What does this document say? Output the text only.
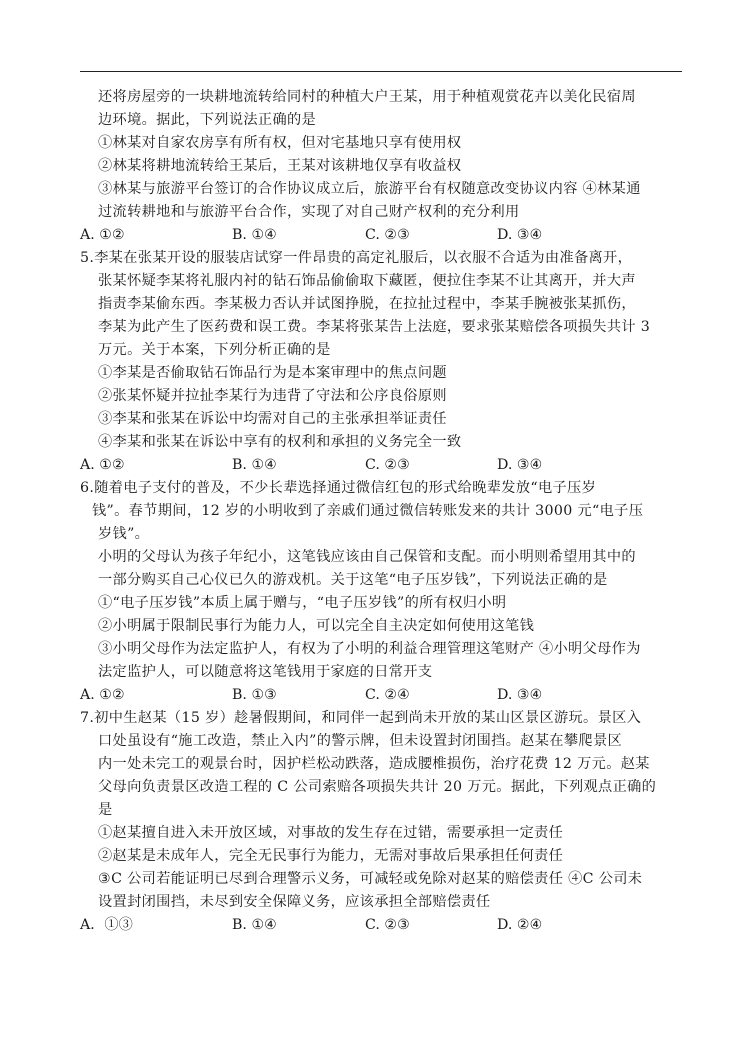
还将房屋旁的一块耕地流转给同村的种植大户王某，用于种植观赏花卉以美化民宿周
边环境。据此，下列说法正确的是
①林某对自家农房享有所有权，但对宅基地只享有使用权
②林某将耕地流转给王某后，王某对该耕地仅享有收益权
③林某与旅游平台签订的合作协议成立后，旅游平台有权随意改变协议内容 ④林某通
过流转耕地和与旅游平台合作，实现了对自己财产权利的充分利用
A. ①②	B. ①④	C. ②③	D. ③④
5.李某在张某开设的服装店试穿一件昂贵的高定礼服后，以衣服不合适为由准备离开，
张某怀疑李某将礼服内衬的钻石饰品偷偷取下藏匿，便拉住李某不让其离开，并大声
指责李某偷东西。李某极力否认并试图挣脱，在拉扯过程中，李某手腕被张某抓伤，
李某为此产生了医药费和误工费。李某将张某告上法庭，要求张某赔偿各项损失共计 3
万元。关于本案，下列分析正确的是
①李某是否偷取钻石饰品行为是本案审理中的焦点问题
②张某怀疑并拉扯李某行为违背了守法和公序良俗原则
③李某和张某在诉讼中均需对自己的主张承担举证责任
④李某和张某在诉讼中享有的权利和承担的义务完全一致
A. ①②	B. ①④	C. ②③	D. ③④
6.随着电子支付的普及，不少长辈选择通过微信红包的形式给晚辈发放“电子压岁
钱”。春节期间，12 岁的小明收到了亲戚们通过微信转账发来的共计 3000 元“电子压
岁钱”。
小明的父母认为孩子年纪小，这笔钱应该由自己保管和支配。而小明则希望用其中的
一部分购买自己心仪已久的游戏机。关于这笔“电子压岁钱”，下列说法正确的是
①“电子压岁钱”本质上属于赠与，“电子压岁钱”的所有权归小明
②小明属于限制民事行为能力人，可以完全自主决定如何使用这笔钱
③小明父母作为法定监护人，有权为了小明的利益合理管理这笔财产 ④小明父母作为
法定监护人，可以随意将这笔钱用于家庭的日常开支
A. ①②	B. ①③	C. ②④	D. ③④
7.初中生赵某（15 岁）趁暑假期间，和同伴一起到尚未开放的某山区景区游玩。景区入
口处虽设有“施工改造，禁止入内”的警示牌，但未设置封闭围挡。赵某在攀爬景区
内一处未完工的观景台时，因护栏松动跌落，造成腰椎损伤，治疗花费 12 万元。赵某
父母向负责景区改造工程的 C 公司索赔各项损失共计 20 万元。据此，下列观点正确的
是
①赵某擅自进入未开放区域，对事故的发生存在过错，需要承担一定责任
②赵某是未成年人，完全无民事行为能力，无需对事故后果承担任何责任
③C 公司若能证明已尽到合理警示义务，可减轻或免除对赵某的赔偿责任 ④C 公司未
设置封闭围挡，未尽到安全保障义务，应该承担全部赔偿责任
A．①③	B. ①④	C. ②③	D. ②④
